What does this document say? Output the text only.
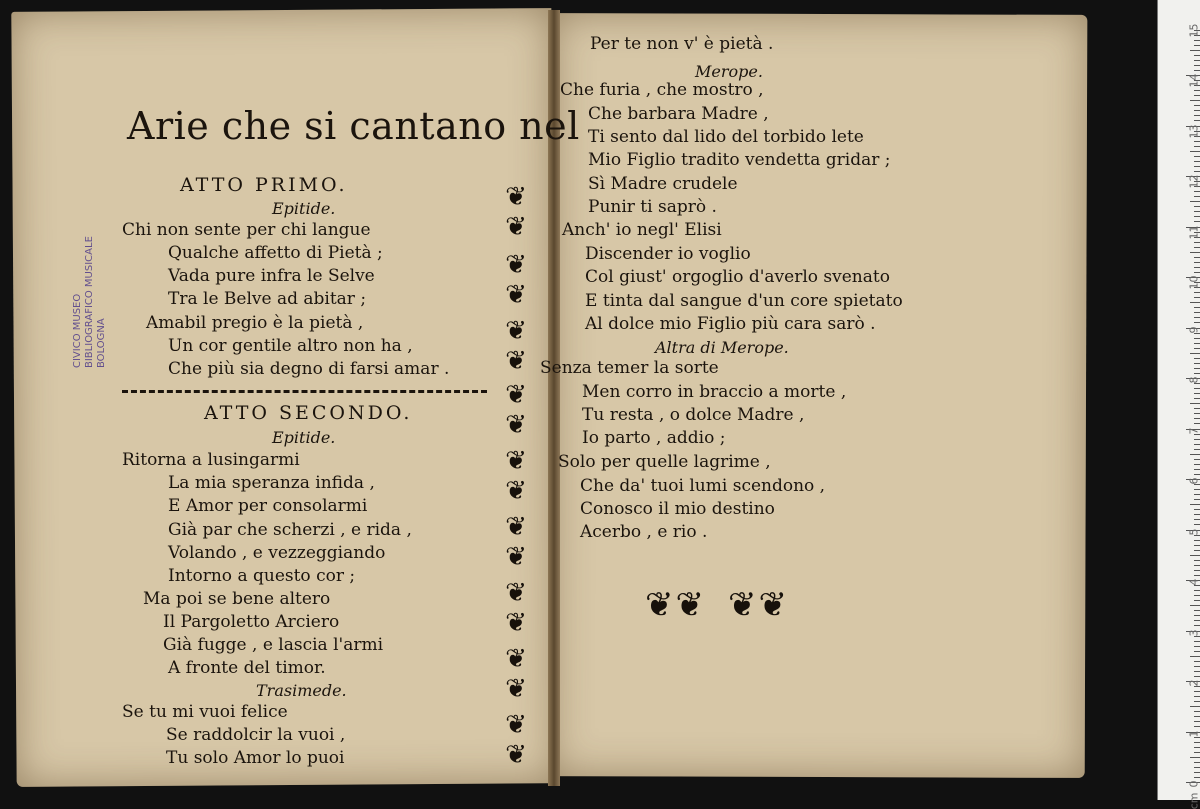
Arie che si cantano nel
ATTO PRIMO.
Epitide.
Chi non sente per chi langue
Qualche affetto di Pietà ;
Vada pure infra le Selve
Tra le Belve ad abitar ;
Amabil pregio è la pietà ,
Un cor gentile altro non ha ,
Che più sia degno di farsi amar .
ATTO SECONDO.
Epitide.
Ritorna a lusingarmi
La mia speranza infida ,
E Amor per consolarmi
Già par che scherzi , e rida ,
Volando , e vezzeggiando
Intorno a questo cor ;
Ma poi se bene altero
Il Pargoletto Arciero
Già fugge , e lascia l'armi
A fronte del timor.
Trasimede.
Se tu mi vuoi felice
Se raddolcir la vuoi ,
Tu solo Amor lo puoi
CIVICO MUSEO BIBLIOGRAFICO MUSICALE BOLOGNA
❦
❦
❦
❦
❦
❦
❦
❦
❦
❦
❦
❦
❦
❦
❦
❦
❦
❦
Per te non v' è pietà .
Merope.
Che furia , che mostro ,
Che barbara Madre ,
Ti sento dal lido del torbido lete
Mio Figlio tradito vendetta gridar ;
Sì Madre crudele
Punir ti saprò .
Anch' io negl' Elisi
Discender io voglio
Col giust' orgoglio d'averlo svenato
E tinta dal sangue d'un core spietato
Al dolce mio Figlio più cara sarò .
Altra di Merope.
Senza temer la sorte
Men corro in braccio a morte ,
Tu resta , o dolce Madre ,
Io parto , addio ;
Solo per quelle lagrime ,
Che da' tuoi lumi scendono ,
Conosco il mio destino
Acerbo , e rio .
❦❦ ❦❦
0
1
2
3
4
5
6
7
8
9
10
11
12
13
14
15
cm
